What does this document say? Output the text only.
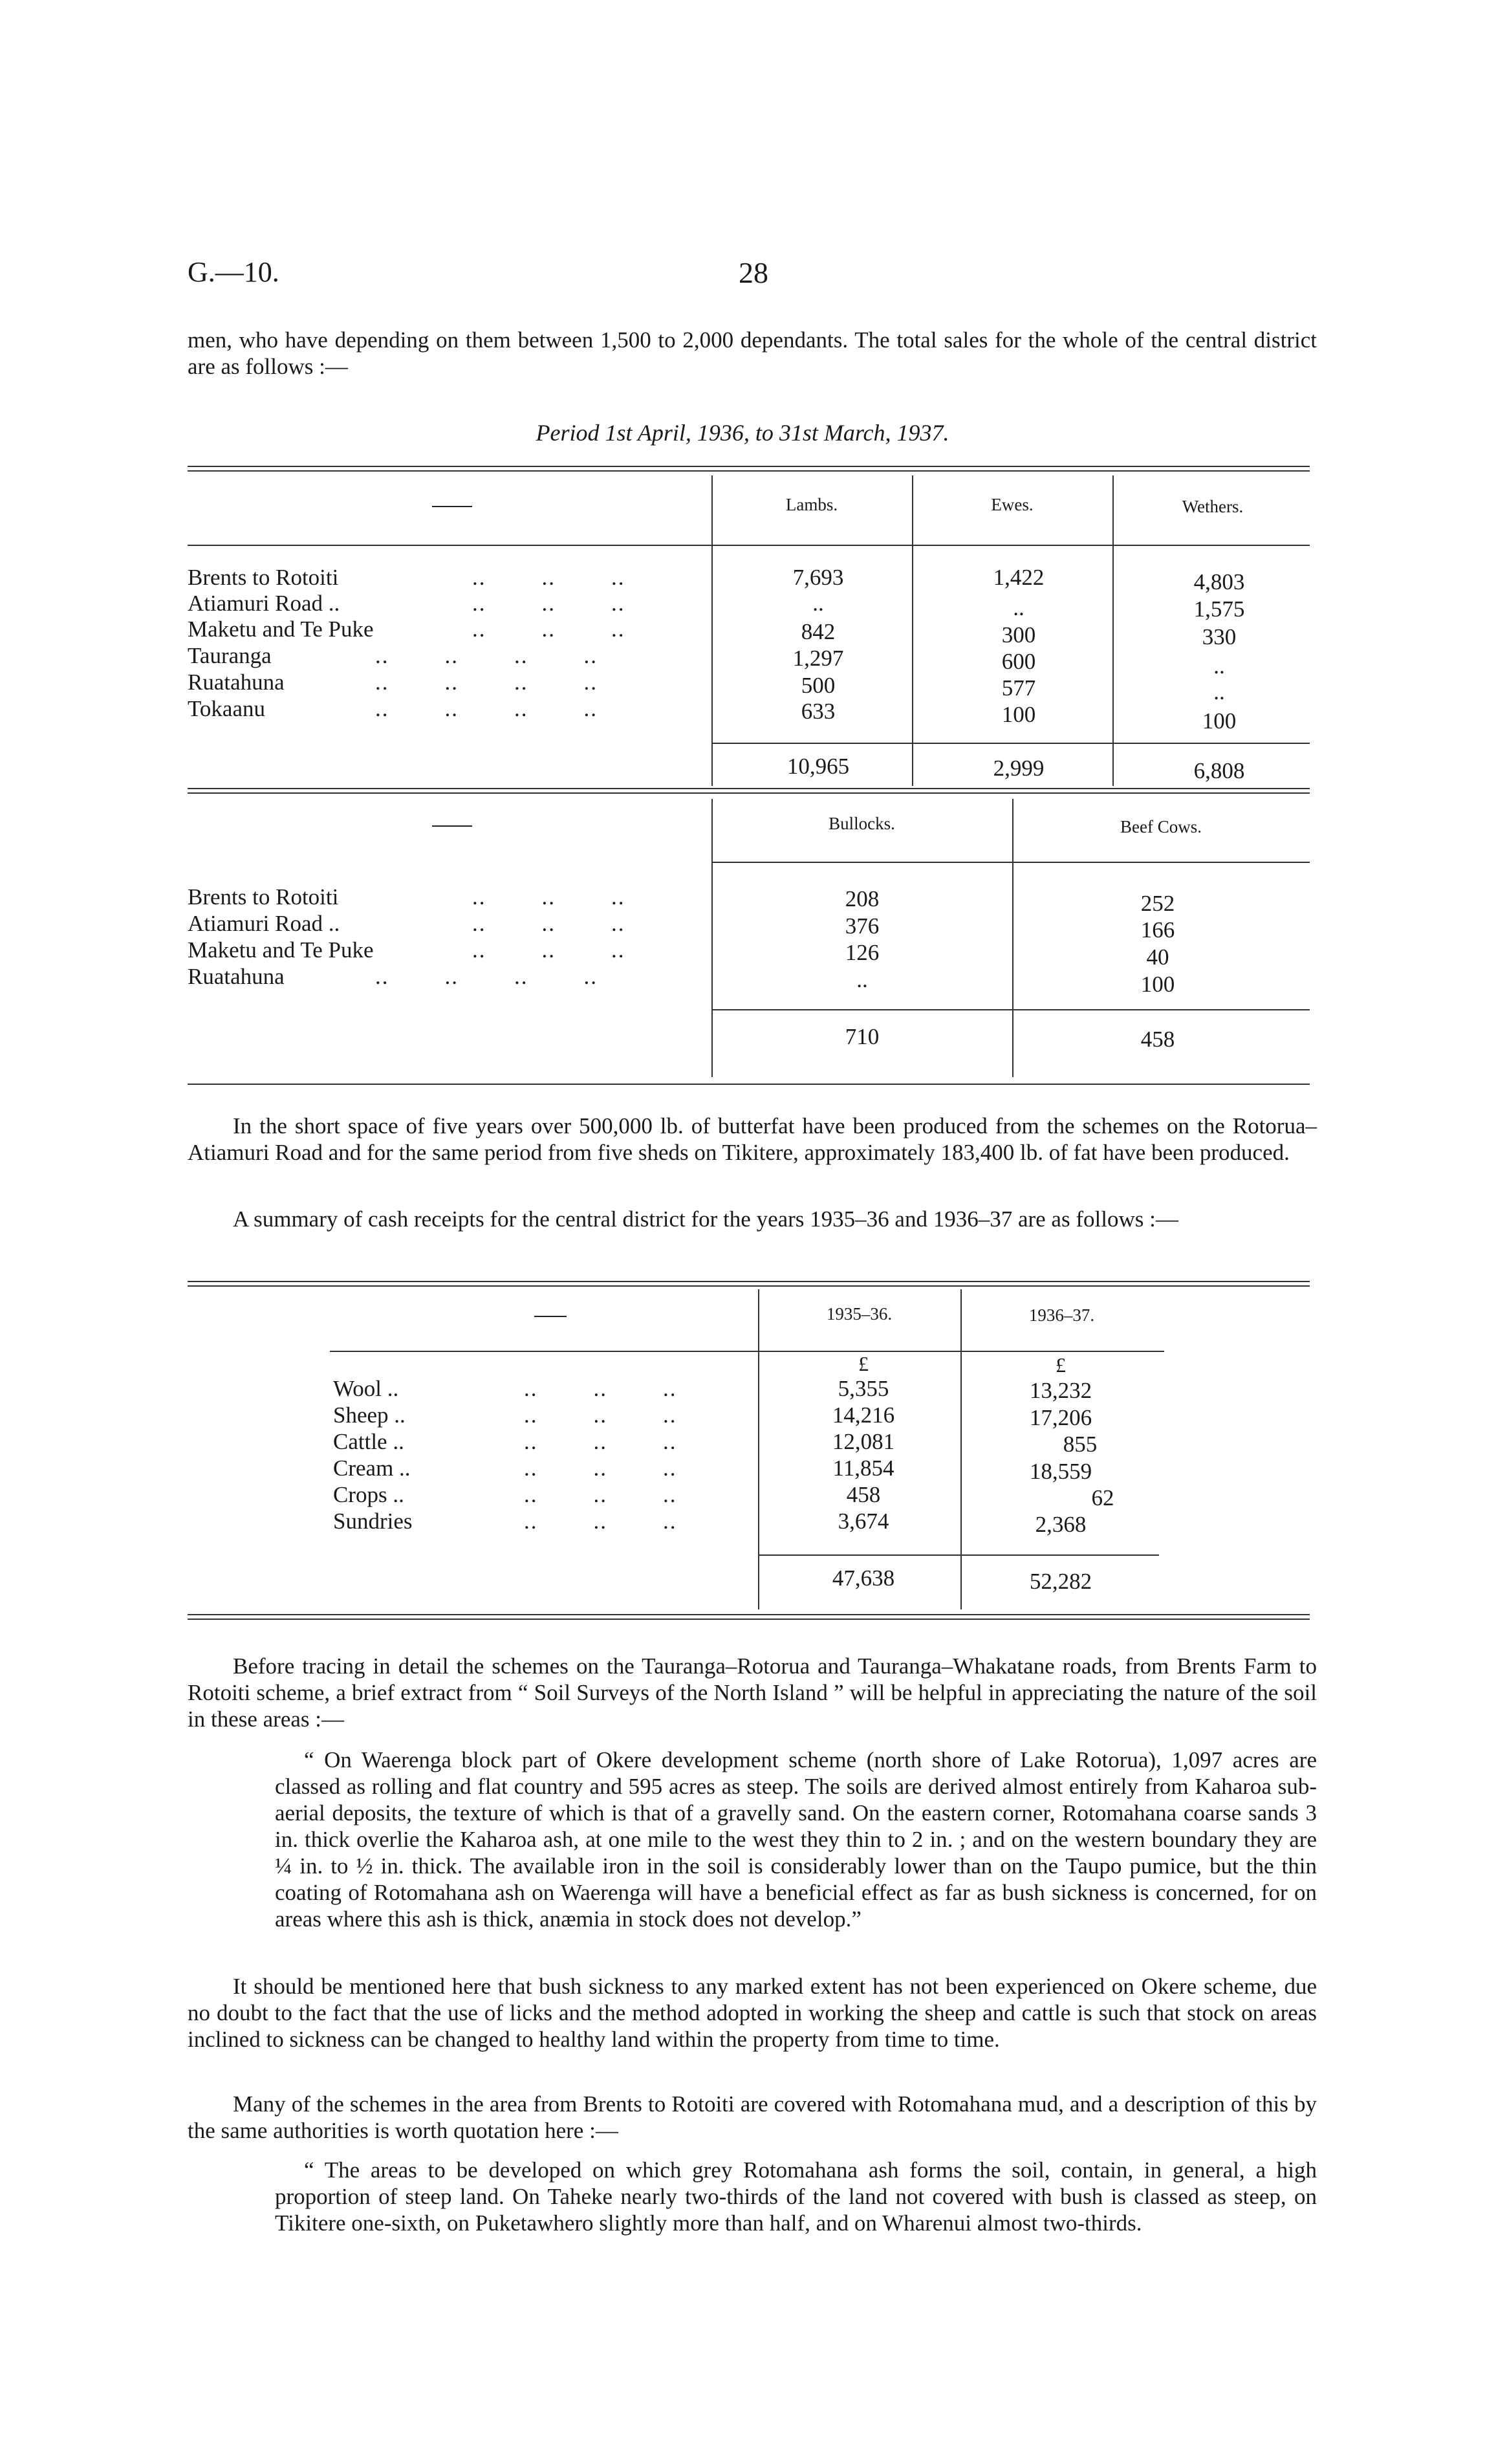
G.—10.	28
men, who have depending on them between 1,500 to 2,000 dependants. The total sales for the whole of the central district are as follows :—
Period 1st April, 1936, to 31st March, 1937.
Lambs.	Ewes.	Wethers.
Brents to Rotoiti	..        ..        ..	7,693	1,422	4,803
Atiamuri Road ..	..        ..        ..	..	..	1,575
Maketu and Te Puke	..        ..        ..	842	300	330
Tauranga	..        ..        ..        ..	1,297	600	..
Ruatahuna	..        ..        ..        ..	500	577	..
Tokaanu	..        ..        ..        ..	633	100	100
10,965	2,999	6,808
Bullocks.	Beef Cows.
Brents to Rotoiti	..        ..        ..	208	252
Atiamuri Road ..	..        ..        ..	376	166
Maketu and Te Puke	..        ..        ..	126	40
Ruatahuna	..        ..        ..        ..	..	100
710	458
In the short space of five years over 500,000 lb. of butterfat have been produced from the schemes on the Rotorua–Atiamuri Road and for the same period from five sheds on Tikitere, approximately 183,400 lb. of fat have been produced.
A summary of cash receipts for the central district for the years 1935–36 and 1936–37 are as follows :—
1935–36.	1936–37.
£	£
Wool ..	..        ..        ..	5,355	13,232
Sheep ..	..        ..        ..	14,216	17,206
Cattle ..	..        ..        ..	12,081	855
Cream ..	..        ..        ..	11,854	18,559
Crops ..	..        ..        ..	458	62
Sundries	..        ..        ..	3,674	2,368
47,638	52,282
Before tracing in detail the schemes on the Tauranga–Rotorua and Tauranga–Whakatane roads, from Brents Farm to Rotoiti scheme, a brief extract from “ Soil Surveys of the North Island ” will be helpful in appreciating the nature of the soil in these areas :—
“ On Waerenga block part of Okere development scheme (north shore of Lake Rotorua), 1,097 acres are classed as rolling and flat country and 595 acres as steep. The soils are derived almost entirely from Kaharoa sub-aerial deposits, the texture of which is that of a gravelly sand. On the eastern corner, Rotomahana coarse sands 3 in. thick overlie the Kaharoa ash, at one mile to the west they thin to 2 in. ; and on the western boundary they are ¼ in. to ½ in. thick. The available iron in the soil is considerably lower than on the Taupo pumice, but the thin coating of Rotomahana ash on Waerenga will have a beneficial effect as far as bush sickness is concerned, for on areas where this ash is thick, anæmia in stock does not develop.”
It should be mentioned here that bush sickness to any marked extent has not been experienced on Okere scheme, due no doubt to the fact that the use of licks and the method adopted in working the sheep and cattle is such that stock on areas inclined to sickness can be changed to healthy land within the property from time to time.
Many of the schemes in the area from Brents to Rotoiti are covered with Rotomahana mud, and a description of this by the same authorities is worth quotation here :—
“ The areas to be developed on which grey Rotomahana ash forms the soil, contain, in general, a high proportion of steep land. On Taheke nearly two-thirds of the land not covered with bush is classed as steep, on Tikitere one-sixth, on Puketawhero slightly more than half, and on Wharenui almost two-thirds.
